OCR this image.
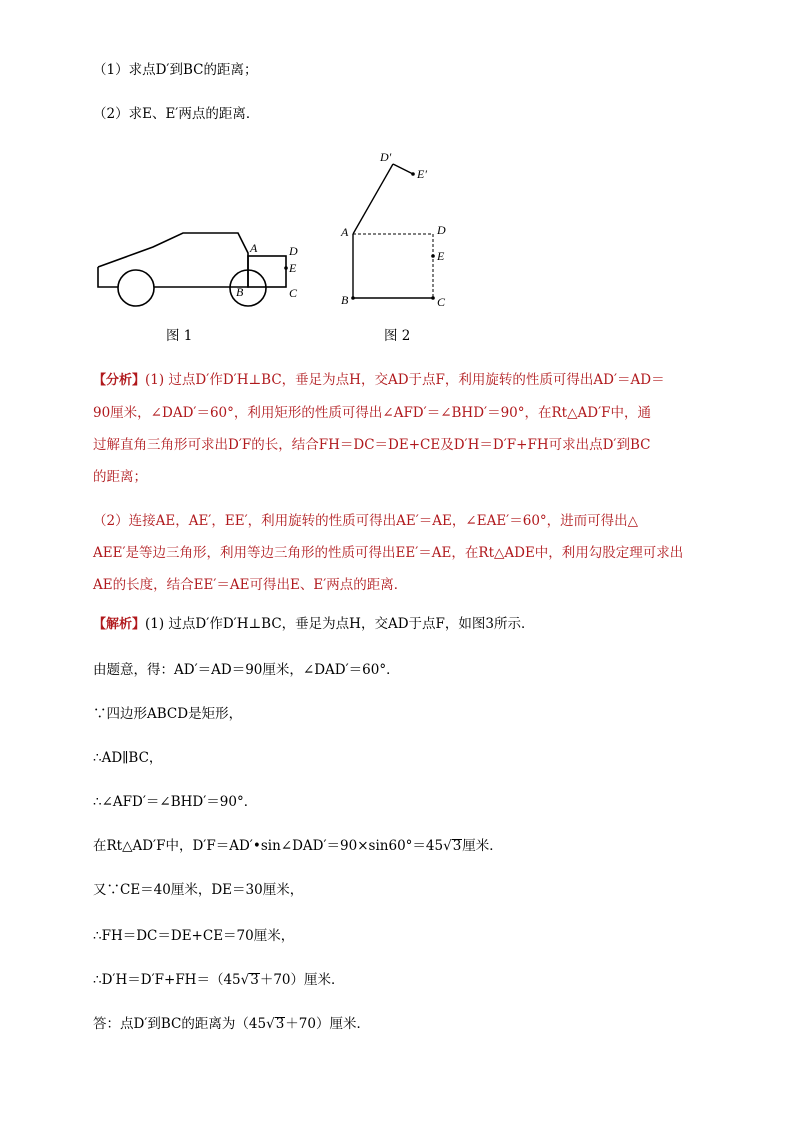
（1）求点D′到BC的距离；
（2）求E、E′两点的距离．
A	D
E
C
B
图 1
D′
E′
A	D
E
B	C
图 2
【分析】(1) 过点D′作D′H⊥BC，垂足为点H，交AD于点F，利用旋转的性质可得出AD′＝AD＝
90厘米，∠DAD′＝60°，利用矩形的性质可得出∠AFD′＝∠BHD′＝90°，在Rt△AD′F中，通
过解直角三角形可求出D′F的长，结合FH＝DC＝DE+CE及D′H＝D′F+FH可求出点D′到BC
的距离；
（2）连接AE，AE′，EE′，利用旋转的性质可得出AE′＝AE，∠EAE′＝60°，进而可得出△
AEE′是等边三角形，利用等边三角形的性质可得出EE′＝AE，在Rt△ADE中，利用勾股定理可求出
AE的长度，结合EE′＝AE可得出E、E′两点的距离．
【解析】(1) 过点D′作D′H⊥BC，垂足为点H，交AD于点F，如图3所示．
由题意，得：AD′＝AD＝90厘米，∠DAD′＝60°．
∵四边形ABCD是矩形，
∴AD∥BC，
∴∠AFD′＝∠BHD′＝90°．
在Rt△AD′F中，D′F＝AD′•sin∠DAD′＝90×sin60°＝45√3厘米．
又∵CE＝40厘米，DE＝30厘米，
∴FH＝DC＝DE+CE＝70厘米，
∴D′H＝D′F+FH＝（45√3＋70）厘米．
答：点D′到BC的距离为（45√3＋70）厘米．
